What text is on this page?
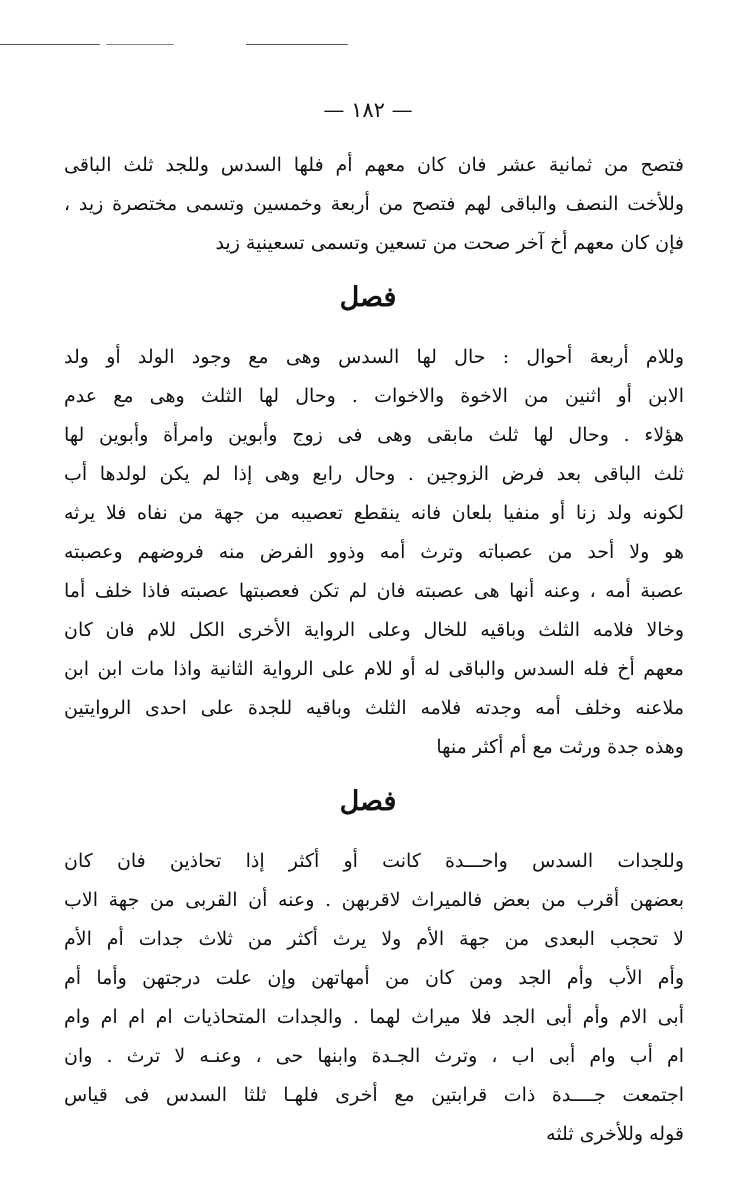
— ١٨٢ —
فتصح من ثمانية عشر فان كان معهم أم فلها السدس وللجد ثلث الباقى
وللأخت النصف والباقى لهم فتصح من أربعة وخمسين وتسمى مختصرة زيد ،
فإن كان معهم أخ آخر صحت من تسعين وتسمى تسعينية زيد
فصل
وللام أربعة أحوال : حال لها السدس وهى مع وجود الولد أو ولد
الابن أو اثنين من الاخوة والاخوات . وحال لها الثلث وهى مع عدم
هؤلاء . وحال لها ثلث مابقى وهى فى زوج وأبوين وامرأة وأبوين لها
ثلث الباقى بعد فرض الزوجين . وحال رابع وهى إذا لم يكن لولدها أب
لكونه ولد زنا أو منفيا بلعان فانه ينقطع تعصيبه من جهة من نفاه فلا يرثه
هو ولا أحد من عصباته وترث أمه وذوو الفرض منه فروضهم وعصبته
عصبة أمه ، وعنه أنها هى عصبته فان لم تكن فعصبتها عصبته فاذا خلف أما
وخالا فلامه الثلث وباقيه للخال وعلى الرواية الأخرى الكل للام فان كان
معهم أخ فله السدس والباقى له أو للام على الرواية الثانية واذا مات ابن ابن
ملاعنه وخلف أمه وجدته فلامه الثلث وباقيه للجدة على احدى الروايتين
وهذه جدة ورثت مع أم أكثر منها
فصل
وللجدات السدس واحـــدة كانت أو أكثر إذا تحاذين فان كان
بعضهن أقرب من بعض فالميراث لاقربهن . وعنه أن القربى من جهة الاب
لا تحجب البعدى من جهة الأم ولا يرث أكثر من ثلاث جدات أم الأم
وأم الأب وأم الجد ومن كان من أمهاتهن وإن علت درجتهن وأما أم
أبى الام وأم أبى الجد فلا ميراث لهما . والجدات المتحاذيات ام ام ام وام
ام أب وام أبى اب ، وترث الجـدة وابنها حى ، وعنـه لا ترث . وان
اجتمعت جــــدة ذات قرابتين مع أخرى فلهـا ثلثا السدس فى قياس
قوله وللأخرى ثلثه
